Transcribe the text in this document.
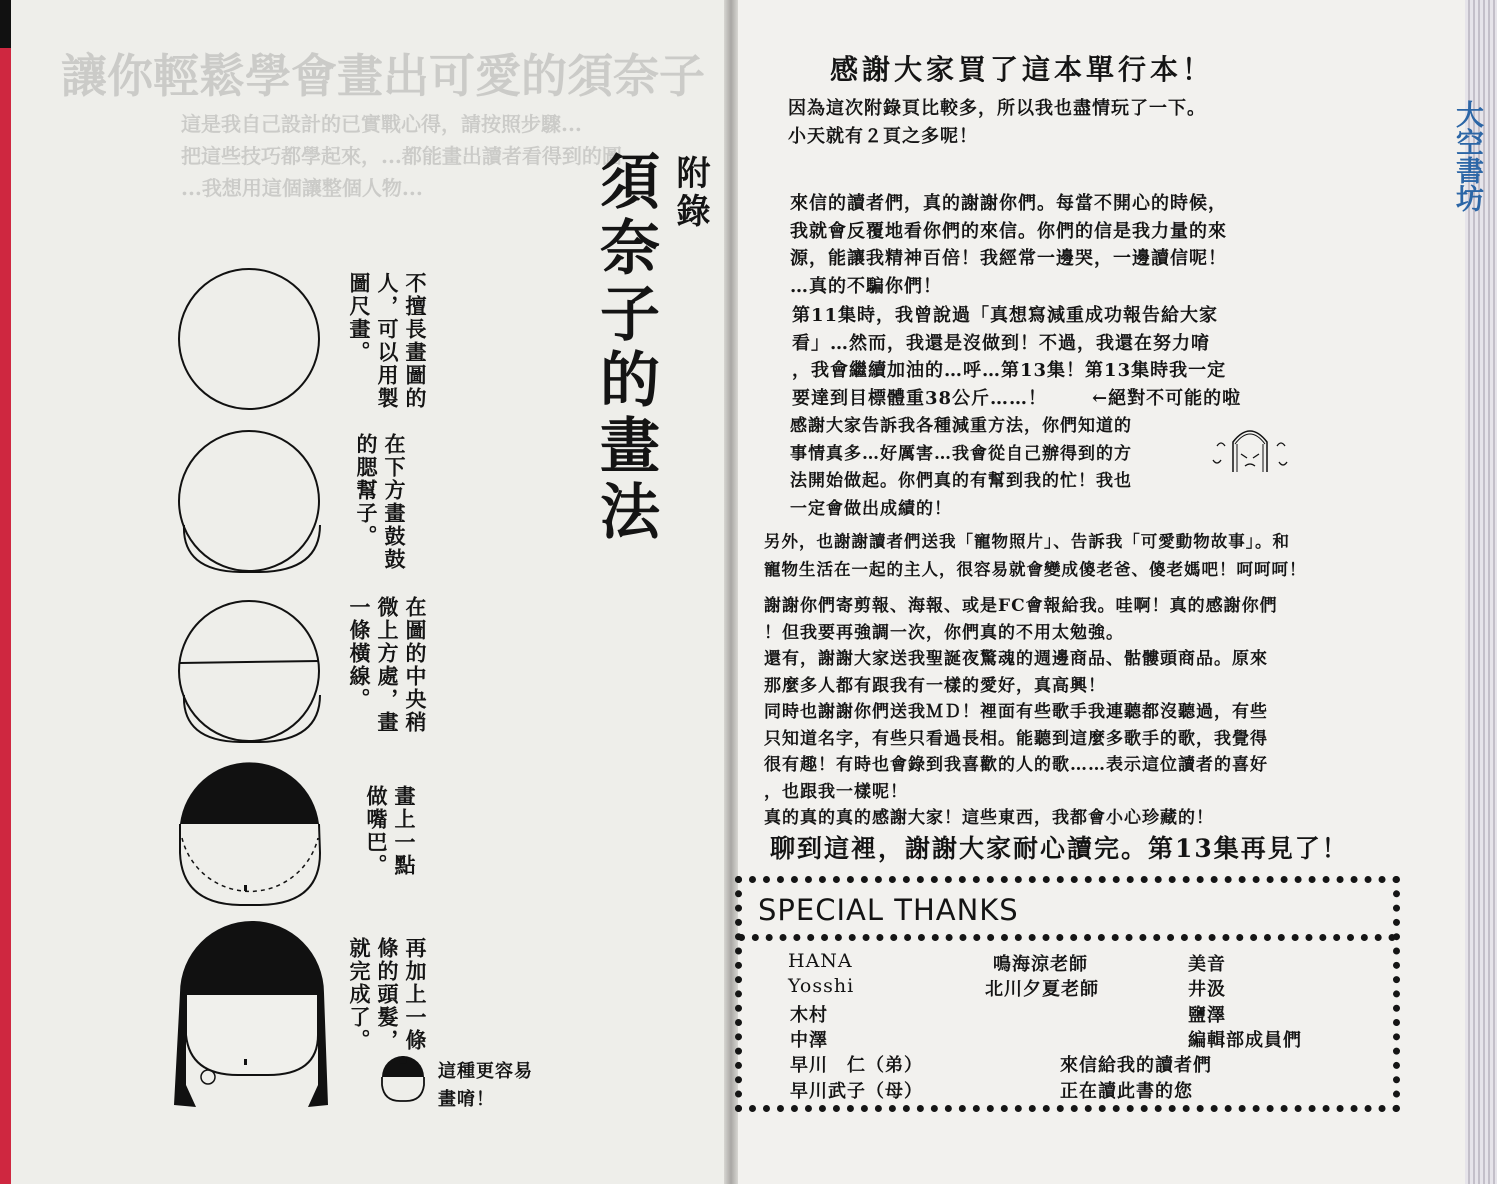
讓你輕鬆學會畫出可愛的須奈子
這是我自己設計的已實戰心得，請按照步驟...
把這些技巧都學起來，...都能畫出讀者看得到的圖
...我想用這個讓整個人物...	附錄
須奈子的畫法
不擅長畫圖的
人，可以用製
圖尺畫。
在下方畫鼓鼓
的腮幫子。
在圖的中央稍
微上方處，畫
一條橫線。
畫上一點
做嘴巴。
再加上一條
條的頭髮，
就完成了。
這種更容易
畫唷！
感謝大家買了這本單行本！
因為這次附錄頁比較多，所以我也盡情玩了一下。
小天就有２頁之多呢！
來信的讀者們，真的謝謝你們。每當不開心的時候，
我就會反覆地看你們的來信。你們的信是我力量的來
源，能讓我精神百倍！我經常一邊哭，一邊讀信呢！
…真的不騙你們！
第11集時，我曾說過「真想寫減重成功報告給大家
看」…然而，我還是沒做到！不過，我還在努力唷
，我會繼續加油的…呼…第13集！第13集時我一定
要達到目標體重38公斤……！	←絕對不可能的啦
感謝大家告訴我各種減重方法，你們知道的
事情真多…好厲害…我會從自己辦得到的方
法開始做起。你們真的有幫到我的忙！我也
一定會做出成績的！
另外，也謝謝讀者們送我「寵物照片」、告訴我「可愛動物故事」。和
寵物生活在一起的主人，很容易就會變成傻老爸、傻老媽吧！呵呵呵！
謝謝你們寄剪報、海報、或是FC會報給我。哇啊！真的感謝你們
！但我要再強調一次，你們真的不用太勉強。
還有，謝謝大家送我聖誕夜驚魂的週邊商品、骷髏頭商品。原來
那麼多人都有跟我有一樣的愛好，真高興！
同時也謝謝你們送我ＭＤ！裡面有些歌手我連聽都沒聽過，有些
只知道名字，有些只看過長相。能聽到這麼多歌手的歌，我覺得
很有趣！有時也會錄到我喜歡的人的歌……表示這位讀者的喜好
，也跟我一樣呢！
真的真的真的感謝大家！這些東西，我都會小心珍藏的！
聊到這裡，謝謝大家耐心讀完。第13集再見了！
SPECIAL THANKS
HANA
Yosshi
木村
中澤
早川　仁（弟）
早川武子（母）
鳴海涼老師
北川夕夏老師
美音
井汲
鹽澤
編輯部成員們
來信給我的讀者們
正在讀此書的您
大空書坊
